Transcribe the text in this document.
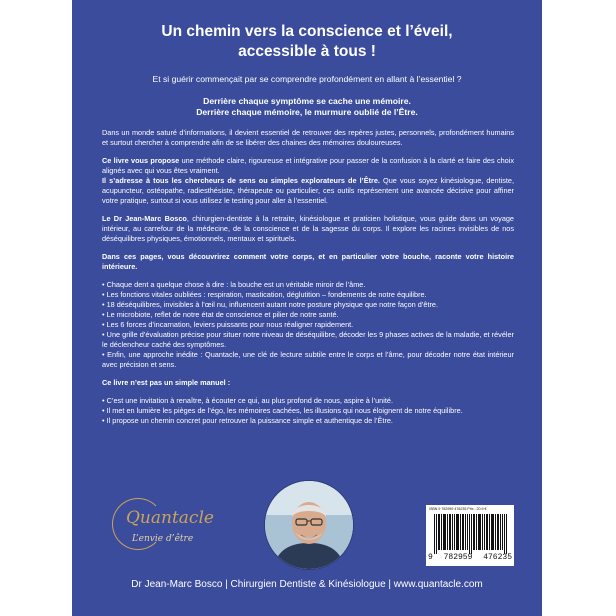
Un chemin vers la conscience et l’éveil,
accessible à tous !
Et si guérir commençait par se comprendre profondément en allant à l’essentiel ?
Derrière chaque symptôme se cache une mémoire.
Derrière chaque mémoire, le murmure oublié de l’Être.

Dans un monde saturé d’informations, il devient essentiel de retrouver des repères justes, personnels, profondément humains et surtout chercher à comprendre afin de se libérer des chaines des mémoires douloureuses.

Ce livre vous propose une méthode claire, rigoureuse et intégrative pour passer de la confusion à la clarté et faire des choix alignés avec qui vous êtes vraiment.
Il s’adresse à tous les chercheurs de sens ou simples explorateurs de l’Être. Que vous soyez kinésiologue, dentiste, acupuncteur, ostéopathe, radiesthésiste, thérapeute ou particulier, ces outils représentent une avancée décisive pour affiner votre pratique, surtout si vous utilisez le testing pour aller à l’essentiel.

Le Dr Jean-Marc Bosco, chirurgien-dentiste à la retraite, kinésiologue et praticien holistique, vous guide dans un voyage intérieur, au carrefour de la médecine, de la conscience et de la sagesse du corps. Il explore les racines invisibles de nos déséquilibres physiques, émotionnels, mentaux et spirituels.

Dans ces pages, vous découvrirez comment votre corps, et en particulier votre bouche, raconte votre histoire intérieure.

• Chaque dent a quelque chose à dire : la bouche est un véritable miroir de l’âme.
• Les fonctions vitales oubliées : respiration, mastication, déglutition – fondements de notre équilibre.
• 18 déséquilibres, invisibles à l’œil nu, influencent autant notre posture physique que notre façon d’être.
• Le microbiote, reflet de notre état de conscience et pilier de notre santé.
• Les 6 forces d’incarnation, leviers puissants pour nous réaligner rapidement.
• Une grille d’évaluation précise pour situer notre niveau de déséquilibre, décoder les 9 phases actives de la maladie, et révéler le déclencheur caché des symptômes.
• Enfin, une approche inédite : Quantacle, une clé de lecture subtile entre le corps et l’âme, pour décoder notre état intérieur avec précision et sens.

Ce livre n’est pas un simple manuel :

• C’est une invitation à renaître, à écouter ce qui, au plus profond de nous, aspire à l’unité.
• Il met en lumière les pièges de l’égo, les mémoires cachées, les illusions qui nous éloignent de notre équilibre.
• Il propose un chemin concret pour retrouver la puissance simple et authentique de l’Être.
Quantacle
L’envie d’être
ISBN 9 782959 476235 Prix : 20.9 €
9 782959 476235
Dr Jean-Marc Bosco | Chirurgien Dentiste & Kinésiologue | www.quantacle.com
